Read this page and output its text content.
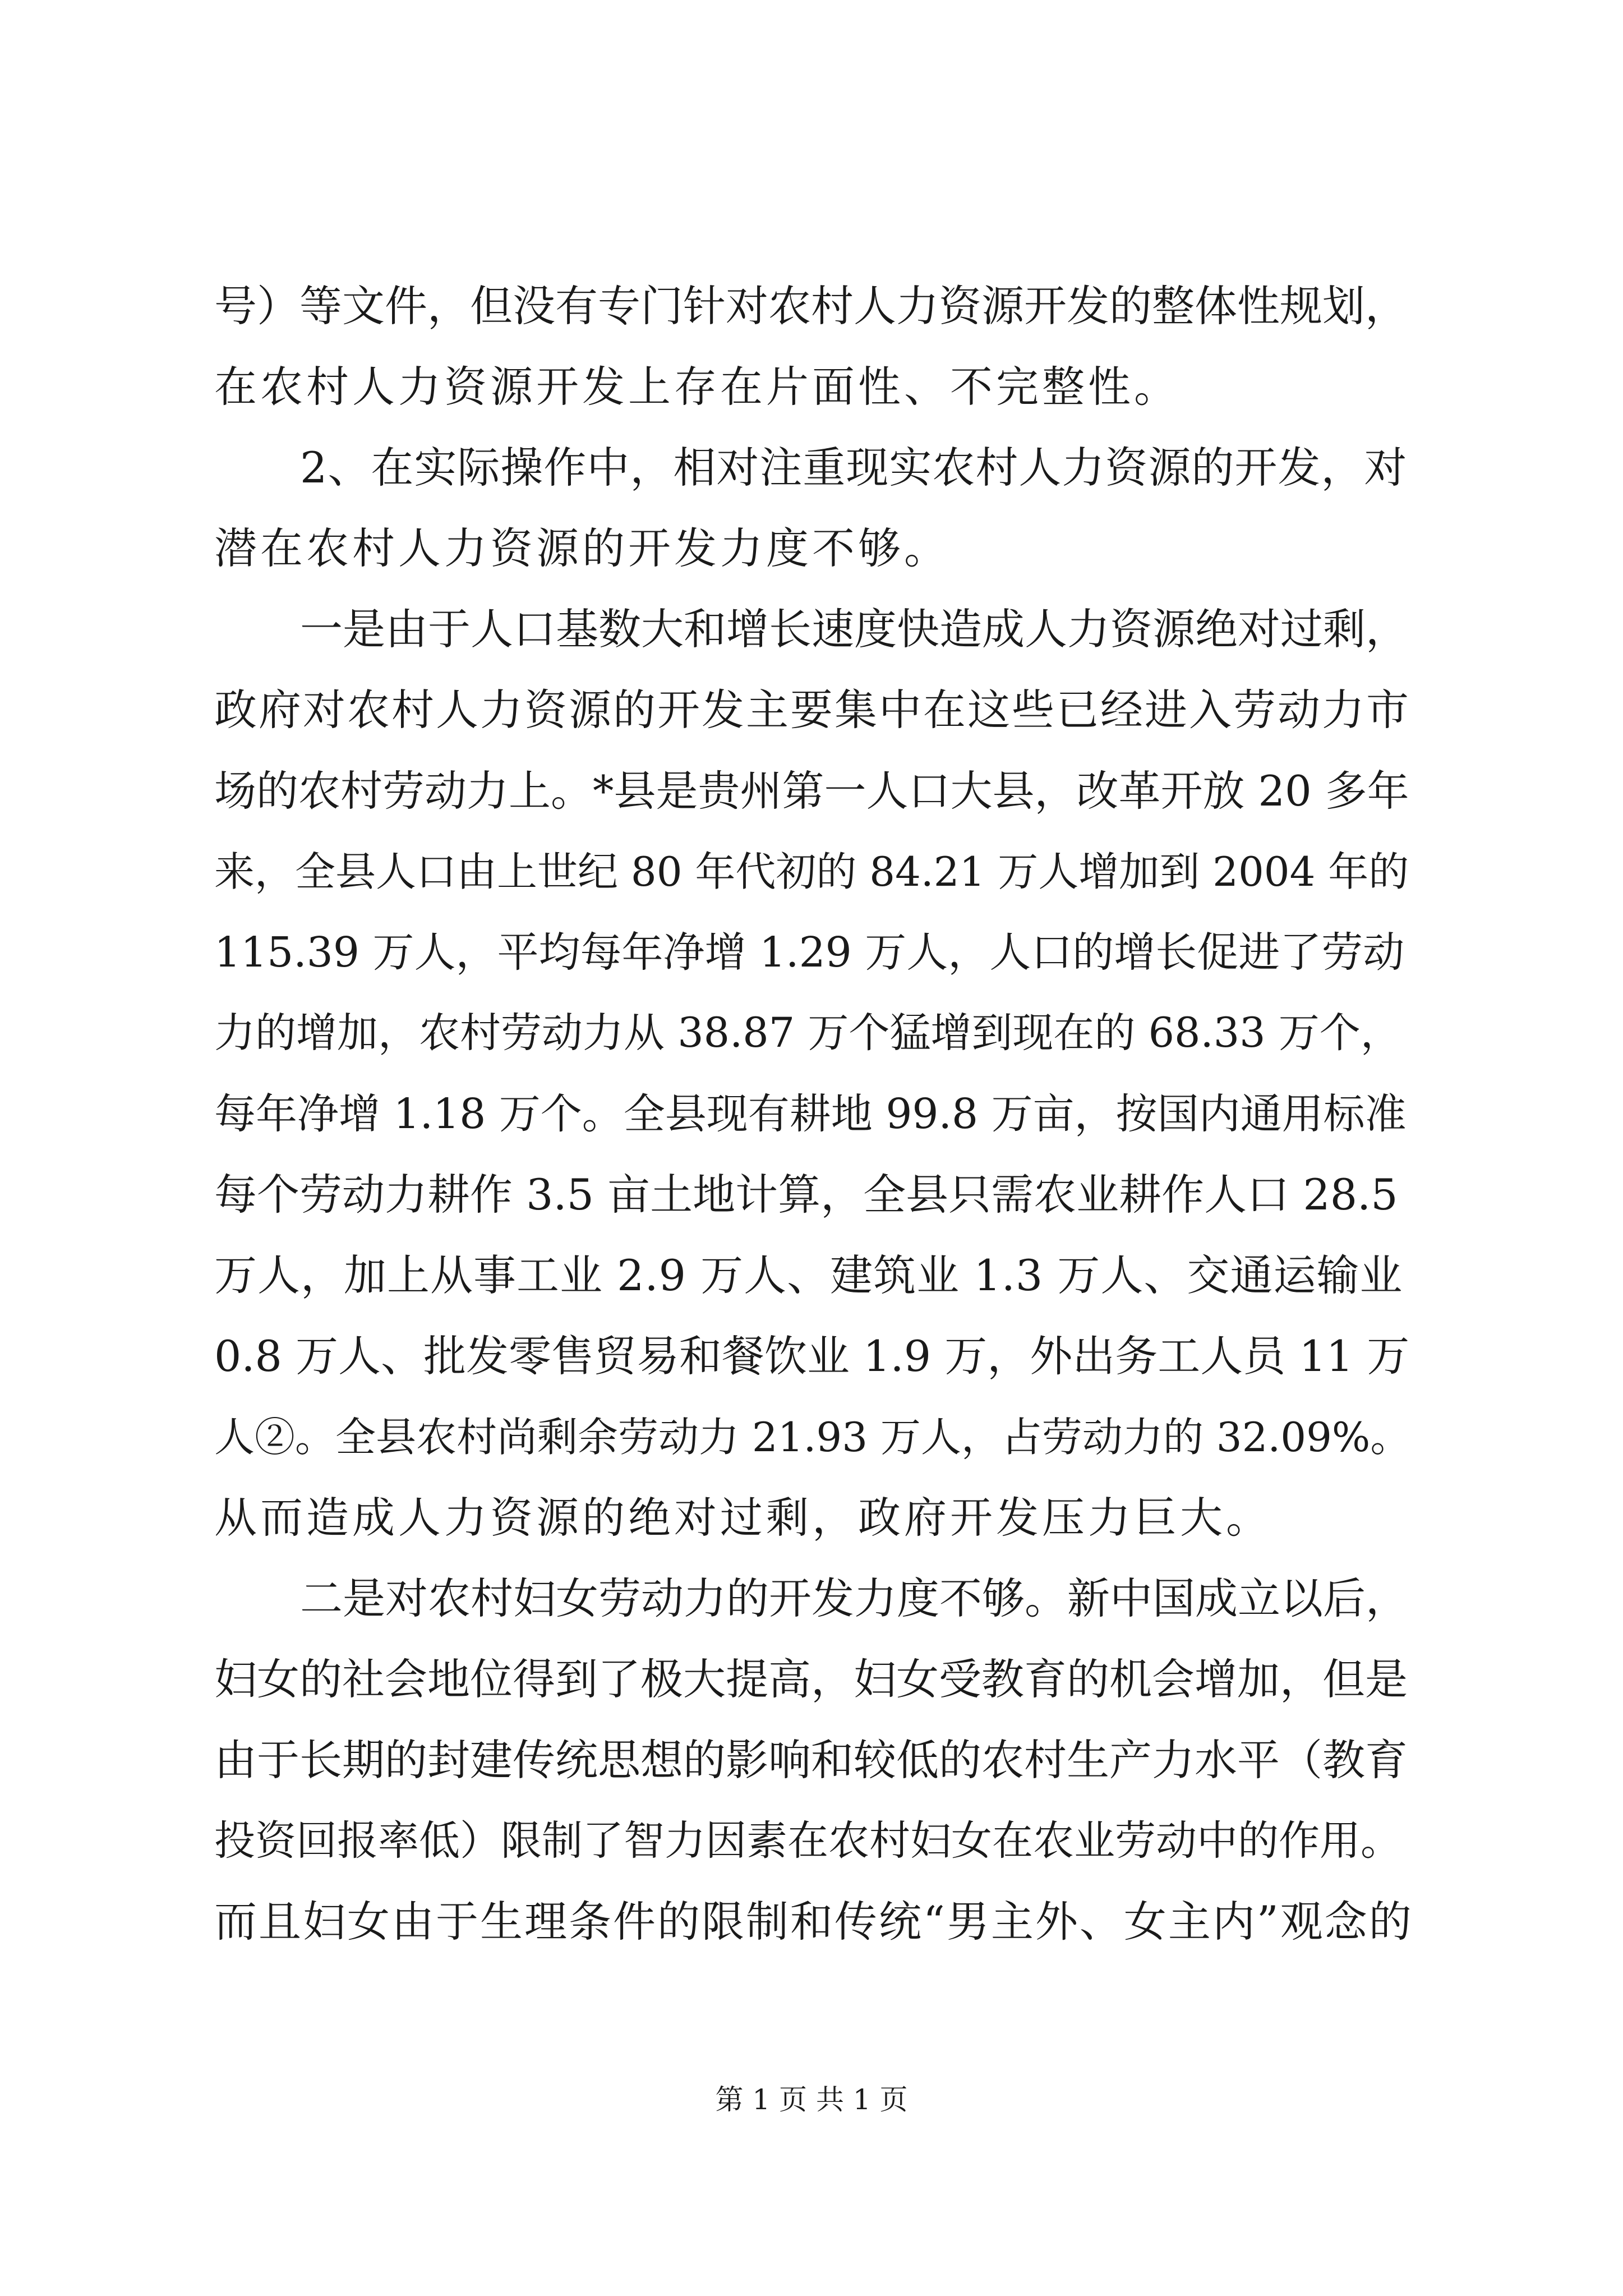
号）等文件，但没有专门针对农村人力资源开发的整体性规划，
在农村人力资源开发上存在片面性、不完整性。
2、在实际操作中，相对注重现实农村人力资源的开发，对
潜在农村人力资源的开发力度不够。
一是由于人口基数大和增长速度快造成人力资源绝对过剩，
政府对农村人力资源的开发主要集中在这些已经进入劳动力市
场的农村劳动力上。*县是贵州第一人口大县，改革开放 20 多年
来，全县人口由上世纪 80 年代初的 84.21 万人增加到 2004 年的
115.39 万人，平均每年净增 1.29 万人，人口的增长促进了劳动
力的增加，农村劳动力从 38.87 万个猛增到现在的 68.33 万个，
每年净增 1.18 万个。全县现有耕地 99.8 万亩，按国内通用标准
每个劳动力耕作 3.5 亩土地计算，全县只需农业耕作人口 28.5
万人，加上从事工业 2.9 万人、建筑业 1.3 万人、交通运输业
0.8 万人、批发零售贸易和餐饮业 1.9 万，外出务工人员 11 万
人②。全县农村尚剩余劳动力 21.93 万人，占劳动力的 32.09%。
从而造成人力资源的绝对过剩，政府开发压力巨大。
二是对农村妇女劳动力的开发力度不够。新中国成立以后，
妇女的社会地位得到了极大提高，妇女受教育的机会增加，但是
由于长期的封建传统思想的影响和较低的农村生产力水平（教育
投资回报率低）限制了智力因素在农村妇女在农业劳动中的作用。
而且妇女由于生理条件的限制和传统“男主外、女主内”观念的
第 1 页 共 1 页
